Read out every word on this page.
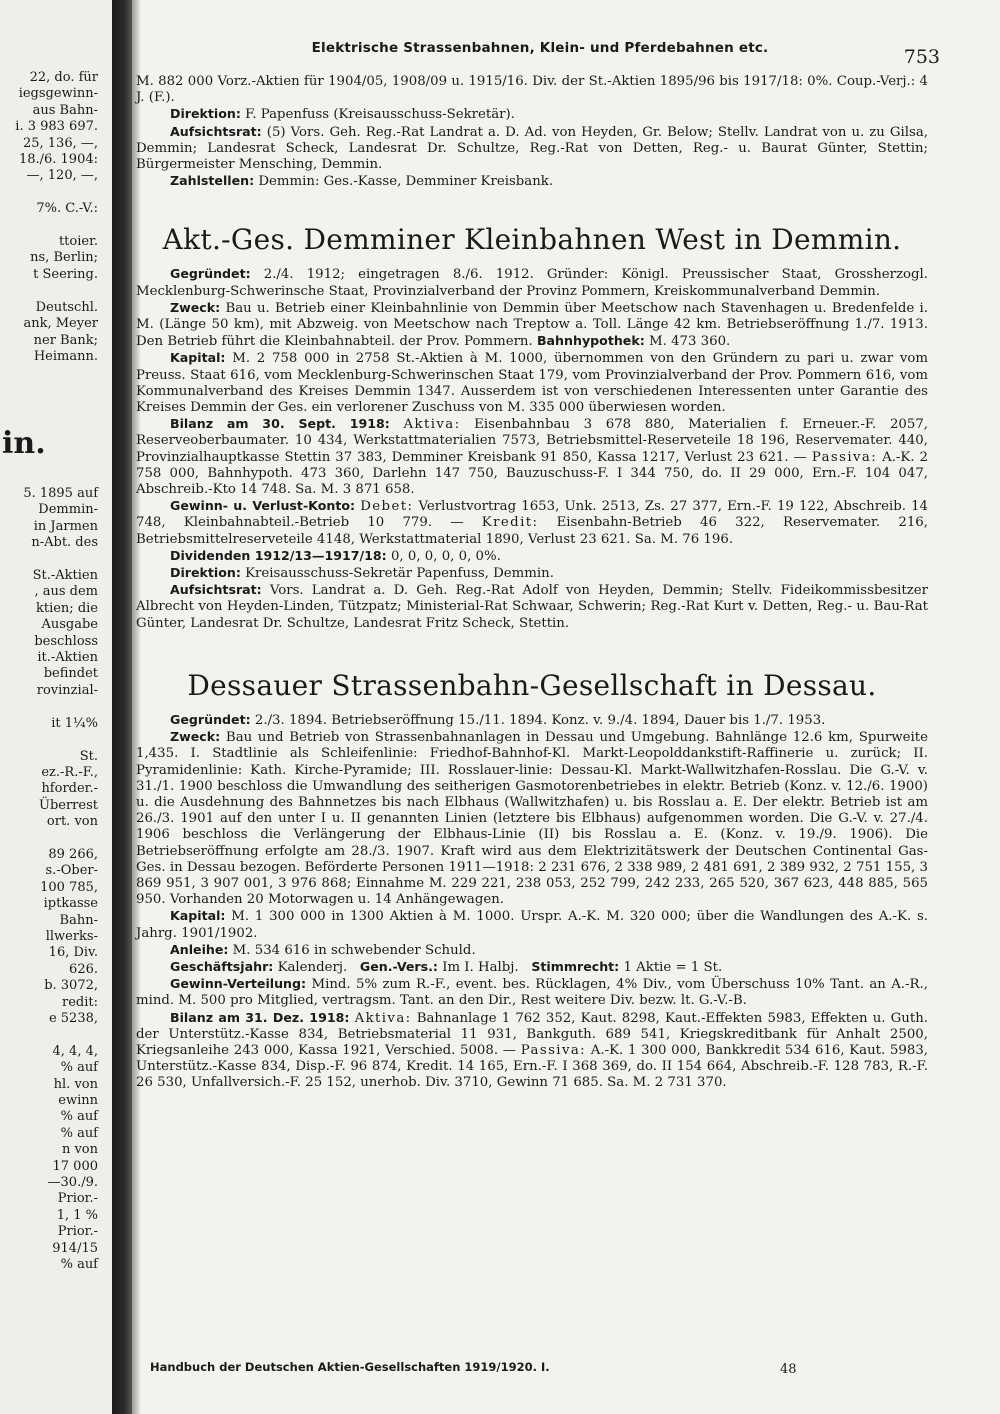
22, do. für
iegsgewinn-
aus Bahn-
i. 3 983 697.
25, 136, —,
18./6. 1904:
—, 120, —,

7%. C.-V.:

ttoier.
ns, Berlin;
t Seering.

Deutschl.
ank, Meyer
ner Bank;
Heimann.
in.
5. 1895 auf
Demmin-
in Jarmen
n-Abt. des

St.-Aktien
, aus dem
ktien; die
Ausgabe
beschloss
it.-Aktien
befindet
rovinzial-

it 1¼%

St.
ez.-R.-F.,
hforder.-
Überrest
ort. von

89 266,
s.-Ober-
100 785,
iptkasse
Bahn-
llwerks-
16, Div.
626.
b. 3072,
redit:
e 5238,

4, 4, 4,
% auf
hl. von
ewinn
% auf
% auf
n von
17 000
—30./9.
Prior.-
1, 1 %
Prior.-
914/15
% auf
Elektrische Strassenbahnen, Klein- und Pferdebahnen etc.	753

M. 882 000 Vorz.-Aktien für 1904/05, 1908/09 u. 1915/16. Div. der St.-Aktien 1895/96 bis 1917/18: 0%. Coup.-Verj.: 4 J. (F.).

Direktion: F. Papenfuss (Kreisausschuss-Sekretär).

Aufsichtsrat: (5) Vors. Geh. Reg.-Rat Landrat a. D. Ad. von Heyden, Gr. Below; Stellv. Landrat von u. zu Gilsa, Demmin; Landesrat Scheck, Landesrat Dr. Schultze, Reg.-Rat von Detten, Reg.- u. Baurat Günter, Stettin; Bürgermeister Mensching, Demmin.

Zahlstellen: Demmin: Ges.-Kasse, Demminer Kreisbank.

Akt.-Ges. Demminer Kleinbahnen West in Demmin.

Gegründet: 2./4. 1912; eingetragen 8./6. 1912. Gründer: Königl. Preussischer Staat, Grossherzogl. Mecklenburg-Schwerinsche Staat, Provinzialverband der Provinz Pommern, Kreiskommunalverband Demmin.

Zweck: Bau u. Betrieb einer Kleinbahnlinie von Demmin über Meetschow nach Stavenhagen u. Bredenfelde i. M. (Länge 50 km), mit Abzweig. von Meetschow nach Treptow a. Toll. Länge 42 km. Betriebseröffnung 1./7. 1913. Den Betrieb führt die Kleinbahnabteil. der Prov. Pommern. Bahnhypothek: M. 473 360.

Kapital: M. 2 758 000 in 2758 St.-Aktien à M. 1000, übernommen von den Gründern zu pari u. zwar vom Preuss. Staat 616, vom Mecklenburg-Schwerinschen Staat 179, vom Provinzialverband der Prov. Pommern 616, vom Kommunalverband des Kreises Demmin 1347. Ausserdem ist von verschiedenen Interessenten unter Garantie des Kreises Demmin der Ges. ein verlorener Zuschuss von M. 335 000 überwiesen worden.

Bilanz am 30. Sept. 1918: Aktiva: Eisenbahnbau 3 678 880, Materialien f. Erneuer.-F. 2057, Reserveoberbaumater. 10 434, Werkstattmaterialien 7573, Betriebsmittel-Reserveteile 18 196, Reservemater. 440, Provinzialhauptkasse Stettin 37 383, Demminer Kreisbank 91 850, Kassa 1217, Verlust 23 621. — Passiva: A.-K. 2 758 000, Bahnhypoth. 473 360, Darlehn 147 750, Bauzuschuss-F. I 344 750, do. II 29 000, Ern.-F. 104 047, Abschreib.-Kto 14 748. Sa. M. 3 871 658.

Gewinn- u. Verlust-Konto: Debet: Verlustvortrag 1653, Unk. 2513, Zs. 27 377, Ern.-F. 19 122, Abschreib. 14 748, Kleinbahnabteil.-Betrieb 10 779. — Kredit: Eisenbahn-Betrieb 46 322, Reservemater. 216, Betriebsmittelreserveteile 4148, Werkstattmaterial 1890, Verlust 23 621. Sa. M. 76 196.

Dividenden 1912/13—1917/18: 0, 0, 0, 0, 0, 0%.

Direktion: Kreisausschuss-Sekretär Papenfuss, Demmin.

Aufsichtsrat: Vors. Landrat a. D. Geh. Reg.-Rat Adolf von Heyden, Demmin; Stellv. Fideikommissbesitzer Albrecht von Heyden-Linden, Tützpatz; Ministerial-Rat Schwaar, Schwerin; Reg.-Rat Kurt v. Detten, Reg.- u. Bau-Rat Günter, Landesrat Dr. Schultze, Landesrat Fritz Scheck, Stettin.

Dessauer Strassenbahn-Gesellschaft in Dessau.

Gegründet: 2./3. 1894. Betriebseröffnung 15./11. 1894. Konz. v. 9./4. 1894, Dauer bis 1./7. 1953.

Zweck: Bau und Betrieb von Strassenbahnanlagen in Dessau und Umgebung. Bahnlänge 12.6 km, Spurweite 1,435. I. Stadtlinie als Schleifenlinie: Friedhof-Bahnhof-Kl. Markt-Leopolddankstift-Raffinerie u. zurück; II. Pyramidenlinie: Kath. Kirche-Pyramide; III. Rosslauer-linie: Dessau-Kl. Markt-Wallwitzhafen-Rosslau. Die G.-V. v. 31./1. 1900 beschloss die Umwandlung des seitherigen Gasmotorenbetriebes in elektr. Betrieb (Konz. v. 12./6. 1900) u. die Ausdehnung des Bahnnetzes bis nach Elbhaus (Wallwitzhafen) u. bis Rosslau a. E. Der elektr. Betrieb ist am 26./3. 1901 auf den unter I u. II genannten Linien (letztere bis Elbhaus) aufgenommen worden. Die G.-V. v. 27./4. 1906 beschloss die Verlängerung der Elbhaus-Linie (II) bis Rosslau a. E. (Konz. v. 19./9. 1906). Die Betriebseröffnung erfolgte am 28./3. 1907. Kraft wird aus dem Elektrizitätswerk der Deutschen Continental Gas-Ges. in Dessau bezogen. Beförderte Personen 1911—1918: 2 231 676, 2 338 989, 2 481 691, 2 389 932, 2 751 155, 3 869 951, 3 907 001, 3 976 868; Einnahme M. 229 221, 238 053, 252 799, 242 233, 265 520, 367 623, 448 885, 565 950. Vorhanden 20 Motorwagen u. 14 Anhängewagen.

Kapital: M. 1 300 000 in 1300 Aktien à M. 1000. Urspr. A.-K. M. 320 000; über die Wandlungen des A.-K. s. Jahrg. 1901/1902.

Anleihe: M. 534 616 in schwebender Schuld.

Geschäftsjahr: Kalenderj. Gen.-Vers.: Im I. Halbj. Stimmrecht: 1 Aktie = 1 St.

Gewinn-Verteilung: Mind. 5% zum R.-F., event. bes. Rücklagen, 4% Div., vom Überschuss 10% Tant. an A.-R., mind. M. 500 pro Mitglied, vertragsm. Tant. an den Dir., Rest weitere Div. bezw. lt. G.-V.-B.

Bilanz am 31. Dez. 1918: Aktiva: Bahnanlage 1 762 352, Kaut. 8298, Kaut.-Effekten 5983, Effekten u. Guth. der Unterstütz.-Kasse 834, Betriebsmaterial 11 931, Bankguth. 689 541, Kriegskreditbank für Anhalt 2500, Kriegsanleihe 243 000, Kassa 1921, Verschied. 5008. — Passiva: A.-K. 1 300 000, Bankkredit 534 616, Kaut. 5983, Unterstütz.-Kasse 834, Disp.-F. 96 874, Kredit. 14 165, Ern.-F. I 368 369, do. II 154 664, Abschreib.-F. 128 783, R.-F. 26 530, Unfallversich.-F. 25 152, unerhob. Div. 3710, Gewinn 71 685. Sa. M. 2 731 370.

Handbuch der Deutschen Aktien-Gesellschaften 1919/1920. I.	48
